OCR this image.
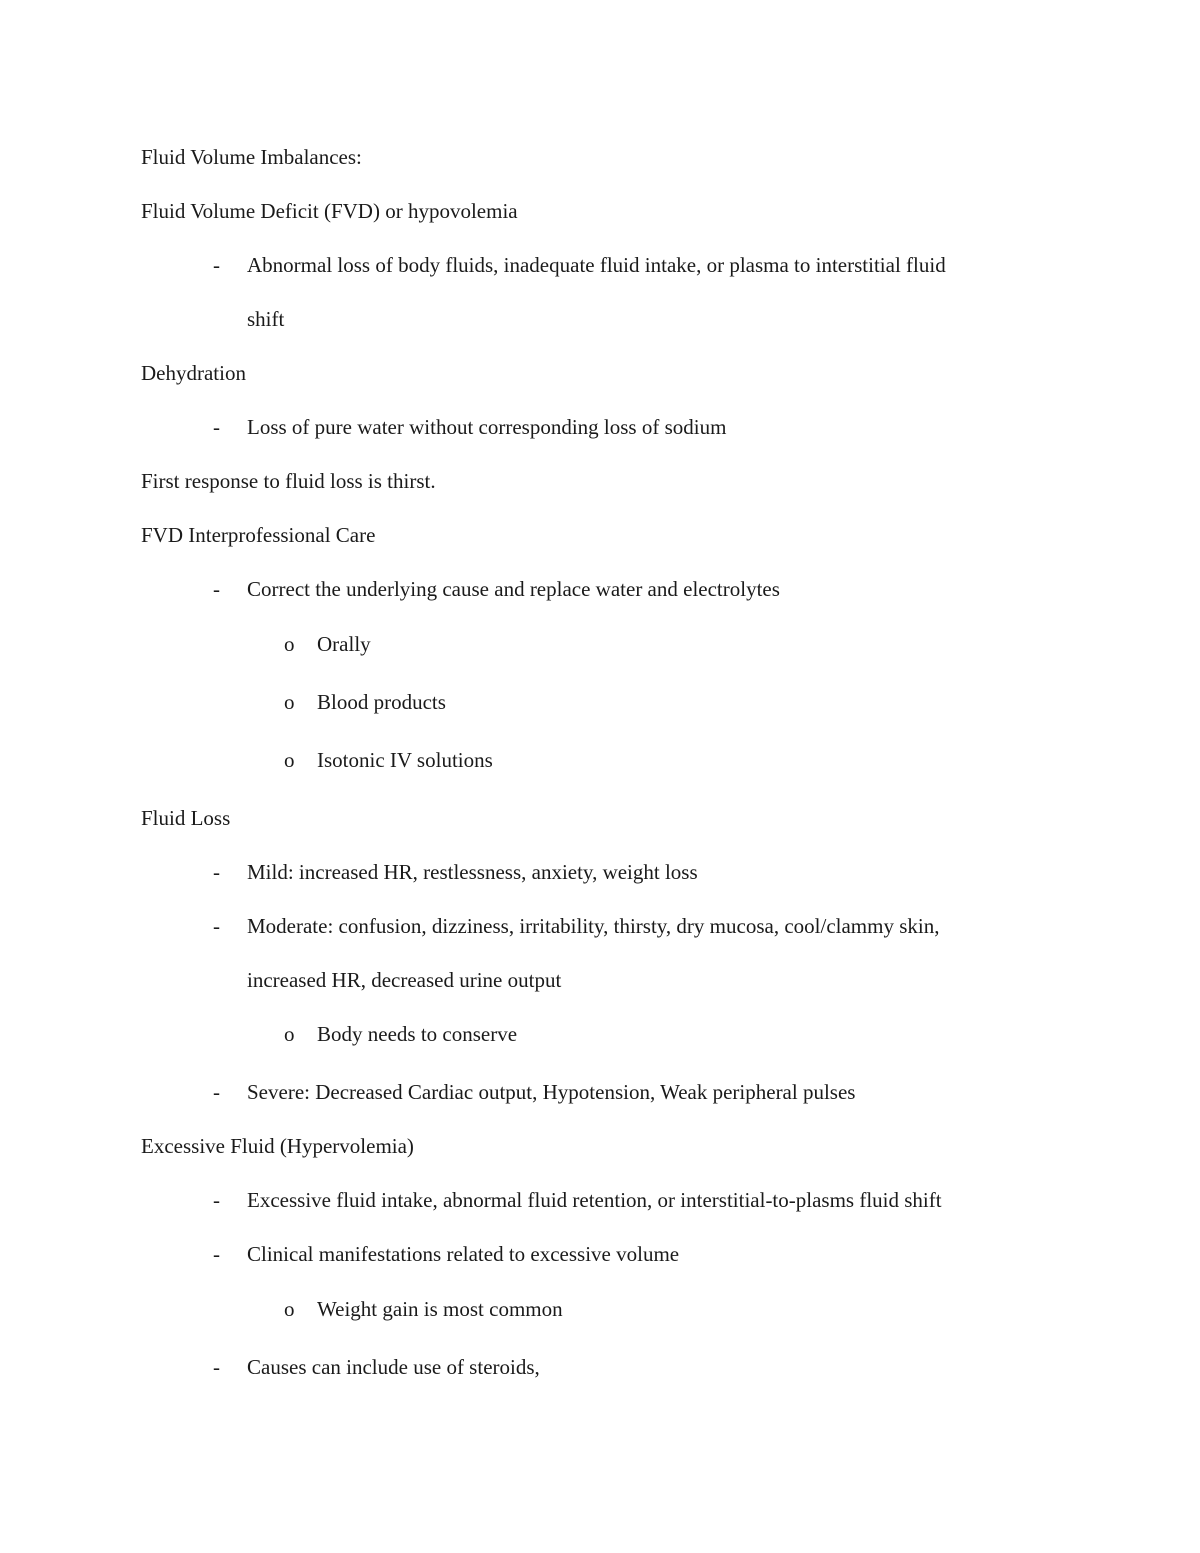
Fluid Volume Imbalances:
Fluid Volume Deficit (FVD) or hypovolemia
- Abnormal loss of body fluids, inadequate fluid intake, or plasma to interstitial fluid
shift
Dehydration
- Loss of pure water without corresponding loss of sodium
First response to fluid loss is thirst.
FVD Interprofessional Care
- Correct the underlying cause and replace water and electrolytes
o Orally
o Blood products
o Isotonic IV solutions
Fluid Loss
- Mild: increased HR, restlessness, anxiety, weight loss
- Moderate: confusion, dizziness, irritability, thirsty, dry mucosa, cool/clammy skin,
increased HR, decreased urine output
o Body needs to conserve
- Severe: Decreased Cardiac output, Hypotension, Weak peripheral pulses
Excessive Fluid (Hypervolemia)
- Excessive fluid intake, abnormal fluid retention, or interstitial-to-plasms fluid shift
- Clinical manifestations related to excessive volume
o Weight gain is most common
- Causes can include use of steroids,
